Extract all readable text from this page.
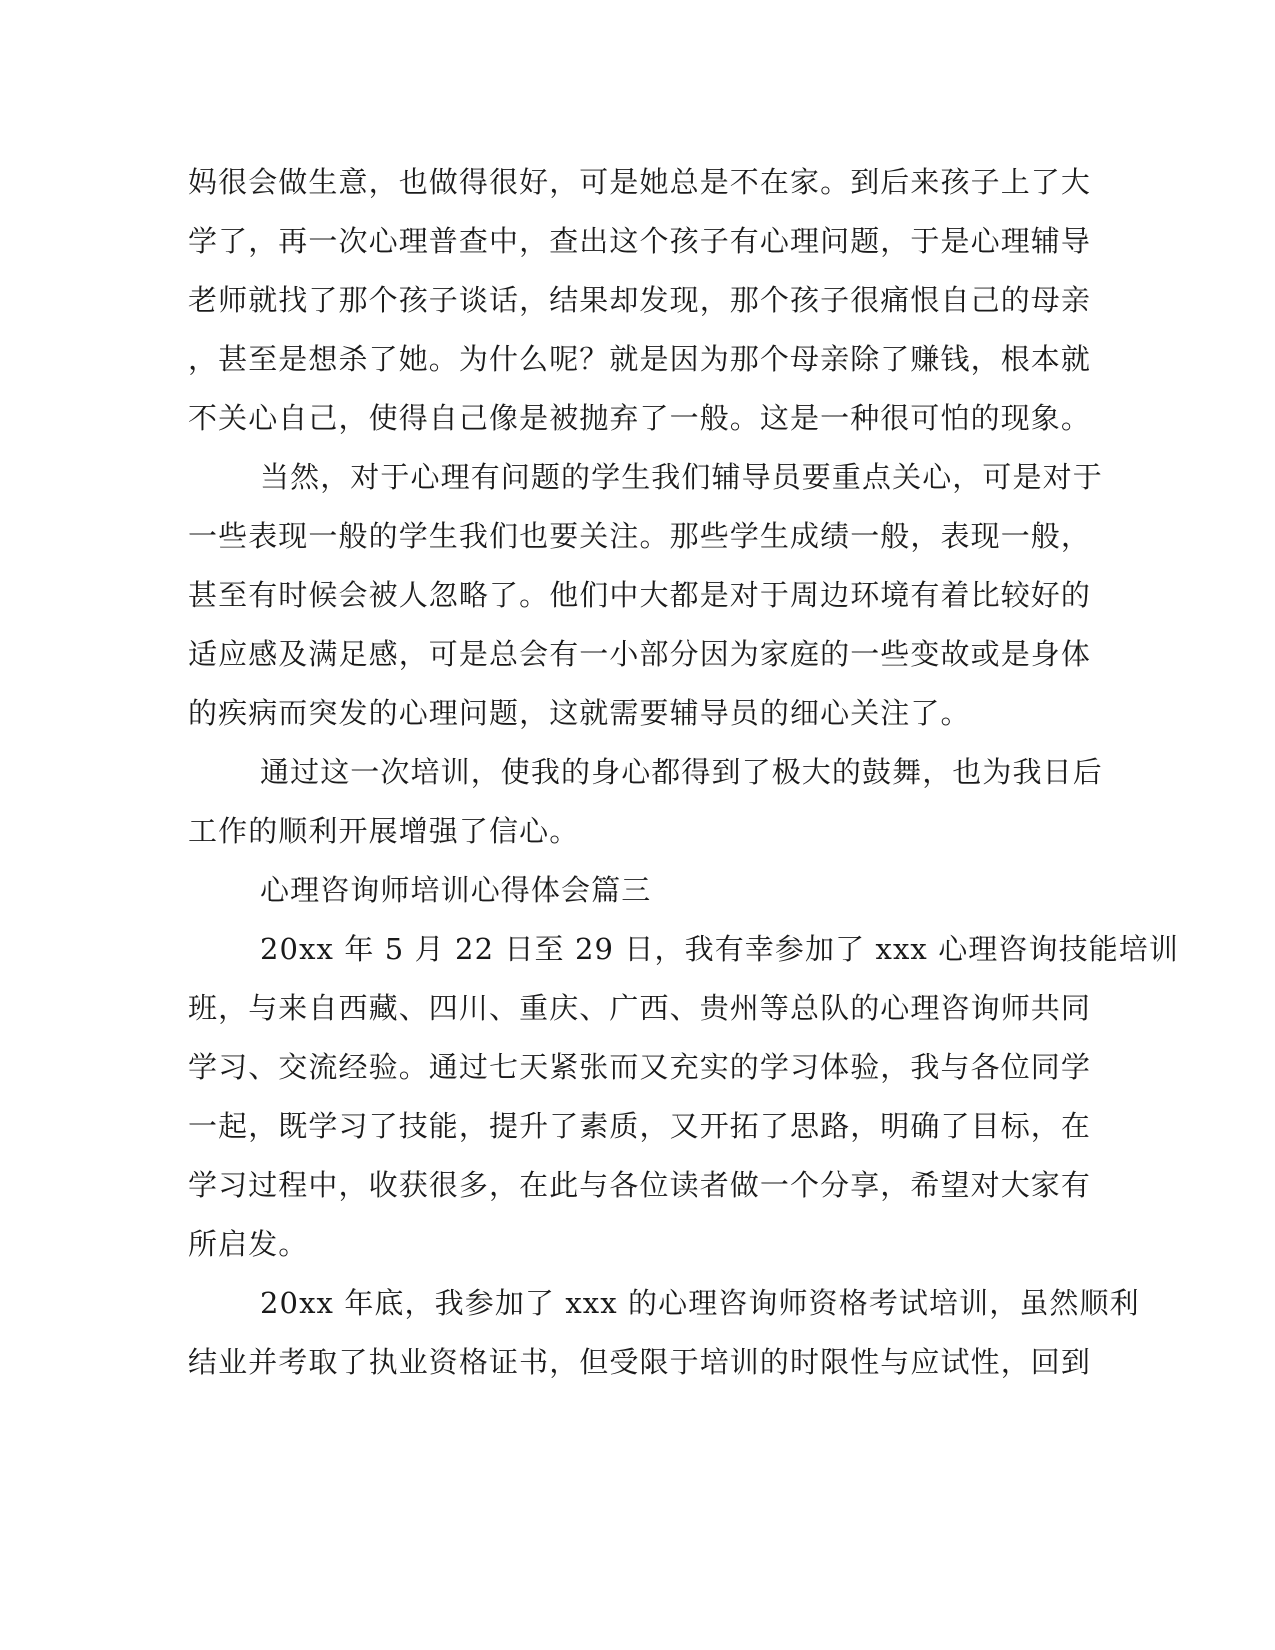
妈很会做生意，也做得很好，可是她总是不在家。到后来孩子上了大
学了，再一次心理普查中，查出这个孩子有心理问题，于是心理辅导
老师就找了那个孩子谈话，结果却发现，那个孩子很痛恨自己的母亲
，甚至是想杀了她。为什么呢？就是因为那个母亲除了赚钱，根本就
不关心自己，使得自己像是被抛弃了一般。这是一种很可怕的现象。
当然，对于心理有问题的学生我们辅导员要重点关心，可是对于
一些表现一般的学生我们也要关注。那些学生成绩一般，表现一般，
甚至有时候会被人忽略了。他们中大都是对于周边环境有着比较好的
适应感及满足感，可是总会有一小部分因为家庭的一些变故或是身体
的疾病而突发的心理问题，这就需要辅导员的细心关注了。
通过这一次培训，使我的身心都得到了极大的鼓舞，也为我日后
工作的顺利开展增强了信心。
心理咨询师培训心得体会篇三
20xx 年 5 月 22 日至 29 日，我有幸参加了 xxx 心理咨询技能培训
班，与来自西藏、四川、重庆、广西、贵州等总队的心理咨询师共同
学习、交流经验。通过七天紧张而又充实的学习体验，我与各位同学
一起，既学习了技能，提升了素质，又开拓了思路，明确了目标，在
学习过程中，收获很多，在此与各位读者做一个分享，希望对大家有
所启发。
20xx 年底，我参加了 xxx 的心理咨询师资格考试培训，虽然顺利
结业并考取了执业资格证书，但受限于培训的时限性与应试性，回到
